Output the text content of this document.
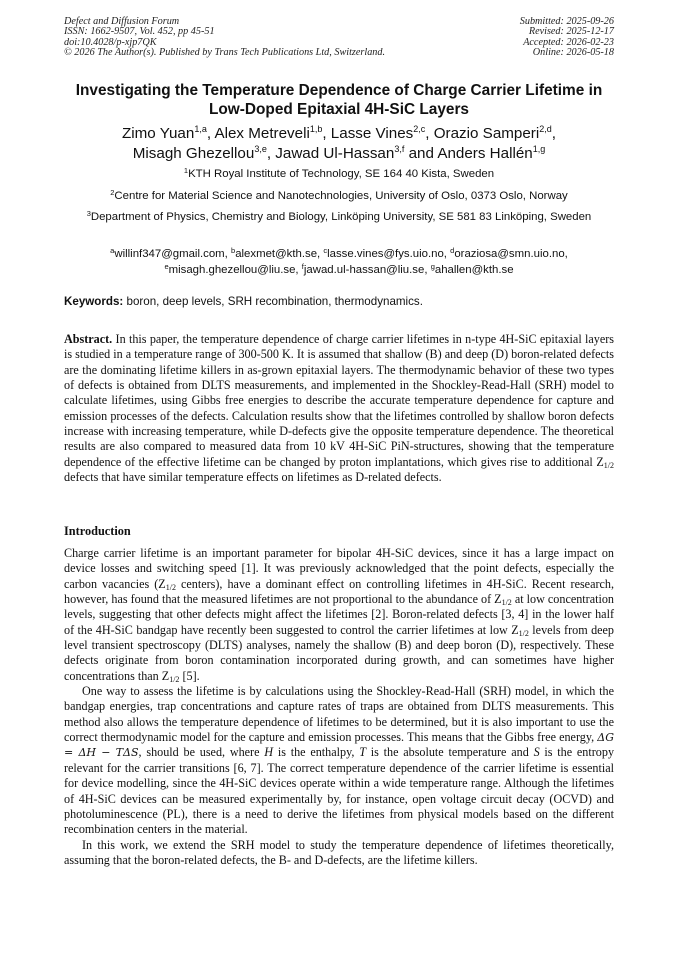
Defect and Diffusion Forum
ISSN: 1662-9507, Vol. 452, pp 45-51
doi:10.4028/p-xjp7QK
© 2026 The Author(s). Published by Trans Tech Publications Ltd, Switzerland.
Submitted: 2025-09-26
Revised: 2025-12-17
Accepted: 2026-02-23
Online: 2026-05-18
Investigating the Temperature Dependence of Charge Carrier Lifetime in
Low-Doped Epitaxial 4H-SiC Layers
Zimo Yuan$^{1,a}$, Alex Metreveli$^{1,b}$, Lasse Vines$^{2,c}$, Orazio Samperi$^{2,d}$,
Misagh Ghezellou$^{3,e}$, Jawad Ul-Hassan$^{3,f}$ and Anders Hallén$^{1,g}$
$^1$KTH Royal Institute of Technology, SE 164 40 Kista, Sweden
$^2$Centre for Material Science and Nanotechnologies, University of Oslo, 0373 Oslo, Norway
$^3$Department of Physics, Chemistry and Biology, Linköping University, SE 581 83 Linköping, Sweden
$^a$willinf347@gmail.com, $^b$alexmet@kth.se, $^c$lasse.vines@fys.uio.no, $^d$oraziosa@smn.uio.no,
$^e$misagh.ghezellou@liu.se, $^f$jawad.ul-hassan@liu.se, $^g$ahallen@kth.se
Keywords: boron, deep levels, SRH recombination, thermodynamics.

Abstract. In this paper, the temperature dependence of charge carrier lifetimes in n-type 4H-SiC epitaxial layers is studied in a temperature range of 300-500 K. It is assumed that shallow (B) and deep (D) boron-related defects are the dominating lifetime killers in as-grown epitaxial layers. The thermodynamic behavior of these two types of defects is obtained from DLTS measurements, and implemented in the Shockley-Read-Hall (SRH) model to calculate lifetimes, using Gibbs free energies to describe the accurate temperature dependence for capture and emission processes of the defects. Calculation results show that the lifetimes controlled by shallow boron defects increase with increasing temperature, while D-defects give the opposite temperature dependence. The theoretical results are also compared to measured data from 10 kV 4H-SiC PiN-structures, showing that the temperature dependence of the effective lifetime can be changed by proton implantations, which gives rise to additional $Z_{1/2}$ defects that have similar temperature effects on lifetimes as D-related defects.

Introduction

Charge carrier lifetime is an important parameter for bipolar 4H-SiC devices, since it has a large impact on device losses and switching speed [1]. It was previously acknowledged that the point defects, especially the carbon vacancies ($Z_{1/2}$ centers), have a dominant effect on controlling lifetimes in 4H-SiC. Recent research, however, has found that the measured lifetimes are not proportional to the abundance of $Z_{1/2}$ at low concentration levels, suggesting that other defects might affect the lifetimes [2]. Boron-related defects [3, 4] in the lower half of the 4H-SiC bandgap have recently been suggested to control the carrier lifetimes at low $Z_{1/2}$ levels from deep level transient spectroscopy (DLTS) analyses, namely the shallow (B) and deep boron (D), respectively. These defects originate from boron contamination incorporated during growth, and can sometimes have higher concentrations than $Z_{1/2}$ [5].

One way to assess the lifetime is by calculations using the Shockley-Read-Hall (SRH) model, in which the bandgap energies, trap concentrations and capture rates of traps are obtained from DLTS measurements. This method also allows the temperature dependence of lifetimes to be determined, but it is also important to use the correct thermodynamic model for the capture and emission processes. This means that the Gibbs free energy, ΔG = ΔH − TΔS, should be used, where H is the enthalpy, T is the absolute temperature and S is the entropy relevant for the carrier transitions [6, 7]. The correct temperature dependence of the carrier lifetime is essential for device modelling, since the 4H-SiC devices operate within a wide temperature range. Although the lifetimes of 4H-SiC devices can be measured experimentally by, for instance, open voltage circuit decay (OCVD) and photoluminescence (PL), there is a need to derive the lifetimes from physical models based on the different recombination centers in the material.

In this work, we extend the SRH model to study the temperature dependence of lifetimes theoretically, assuming that the boron-related defects, the B- and D-defects, are the lifetime killers.
